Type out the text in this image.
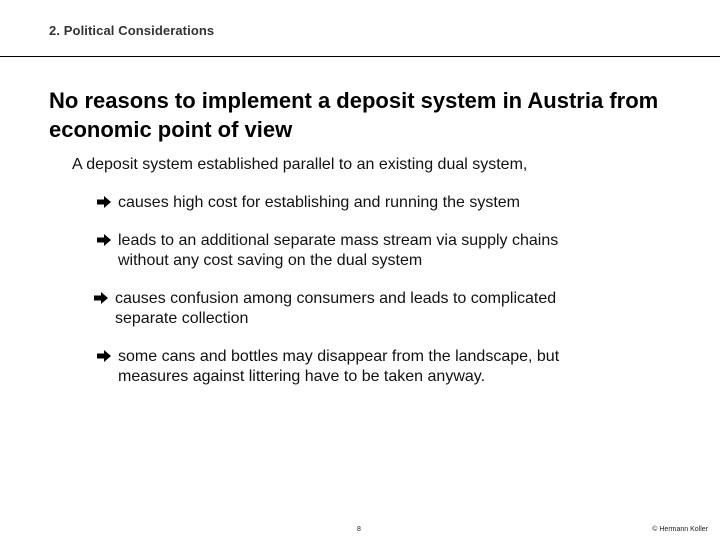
2. Political Considerations
No reasons to implement a deposit system in Austria from economic point of view
A deposit system established parallel to an existing dual system,
causes high cost for establishing and running the system
leads to an additional separate mass stream via supply chains
without any cost saving on the dual system
causes confusion among consumers and leads to complicated
separate collection
some cans and bottles may disappear from the landscape, but
measures against littering have to be taken anyway.
8	© Hermann Koller
